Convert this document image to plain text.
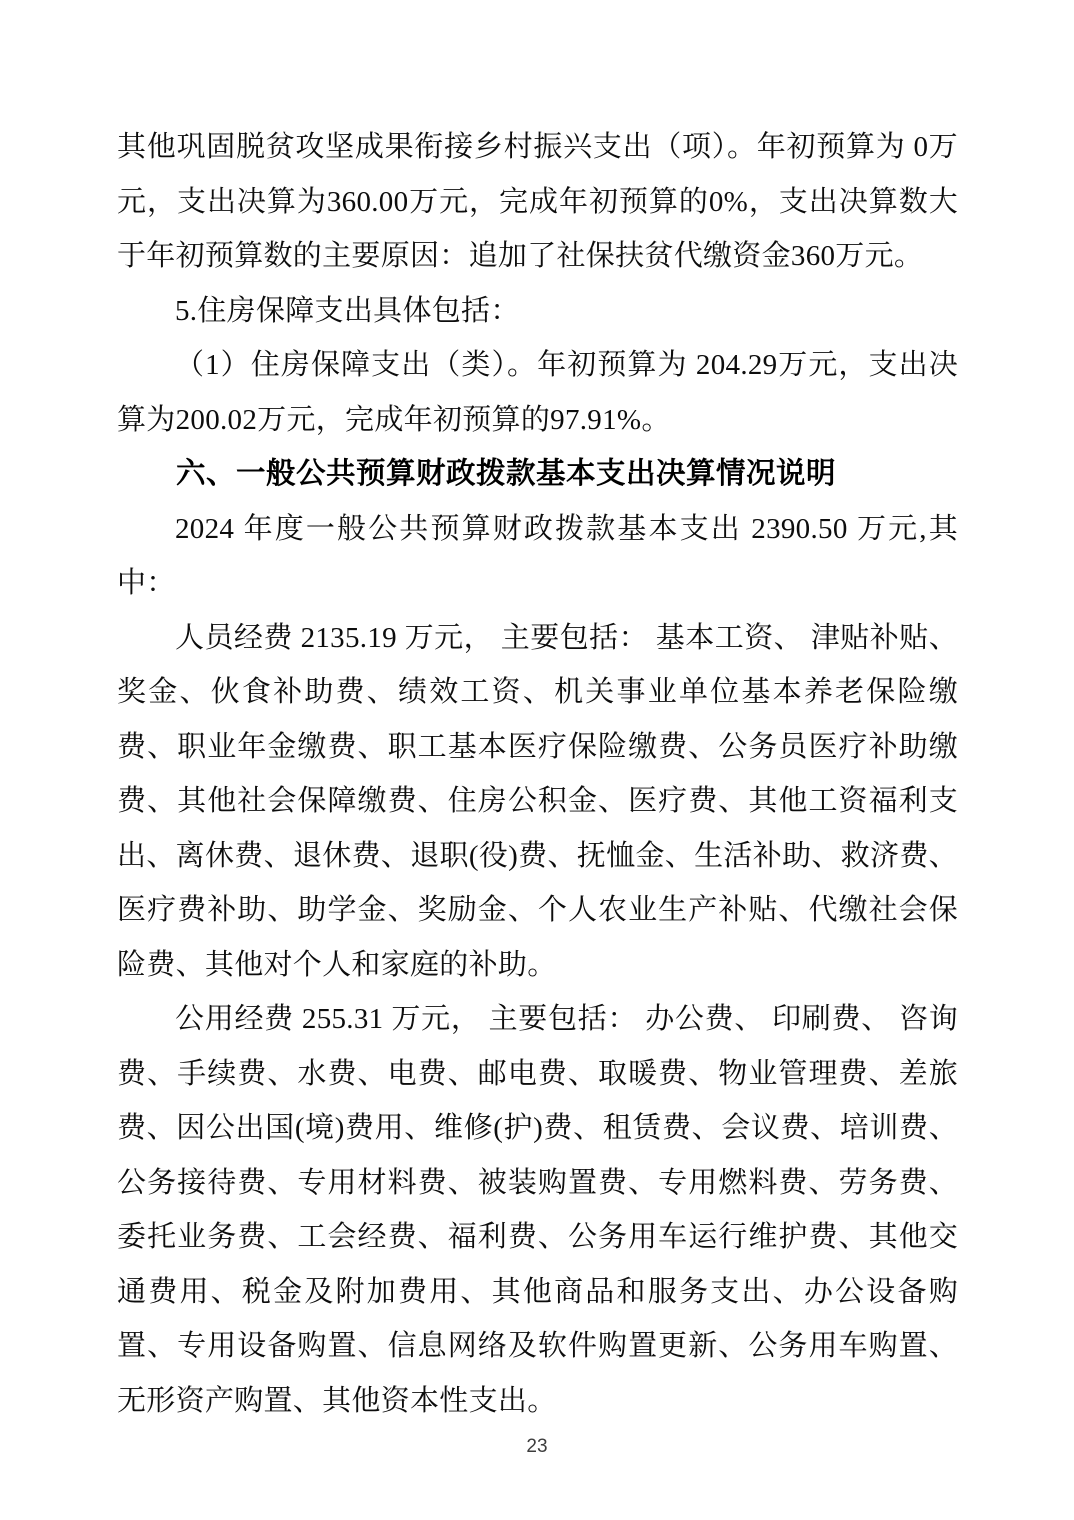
其他巩固脱贫攻坚成果衔接乡村振兴支出（项）。年初预算为 0万元，支出决算为360.00万元，完成年初预算的0%，支出决算数大于年初预算数的主要原因：追加了社保扶贫代缴资金360万元。

5.住房保障支出具体包括：

（1）住房保障支出（类）。年初预算为 204.29万元，支出决算为200.02万元，完成年初预算的97.91%。

六、一般公共预算财政拨款基本支出决算情况说明

2024 年度一般公共预算财政拨款基本支出 2390.50 万元,其中：

人员经费 2135.19 万元， 主要包括： 基本工资、 津贴补贴、 奖金、伙食补助费、绩效工资、机关事业单位基本养老保险缴费、职业年金缴费、职工基本医疗保险缴费、公务员医疗补助缴费、其他社会保障缴费、住房公积金、医疗费、其他工资福利支出、离休费、退休费、退职(役)费、抚恤金、生活补助、救济费、医疗费补助、助学金、奖励金、个人农业生产补贴、代缴社会保险费、其他对个人和家庭的补助。

公用经费 255.31 万元， 主要包括： 办公费、 印刷费、 咨询费、手续费、水费、电费、邮电费、取暖费、物业管理费、差旅费、因公出国(境)费用、维修(护)费、租赁费、会议费、培训费、公务接待费、专用材料费、被装购置费、专用燃料费、劳务费、委托业务费、工会经费、福利费、公务用车运行维护费、其他交通费用、税金及附加费用、其他商品和服务支出、办公设备购置、专用设备购置、信息网络及软件购置更新、公务用车购置、无形资产购置、其他资本性支出。

23
